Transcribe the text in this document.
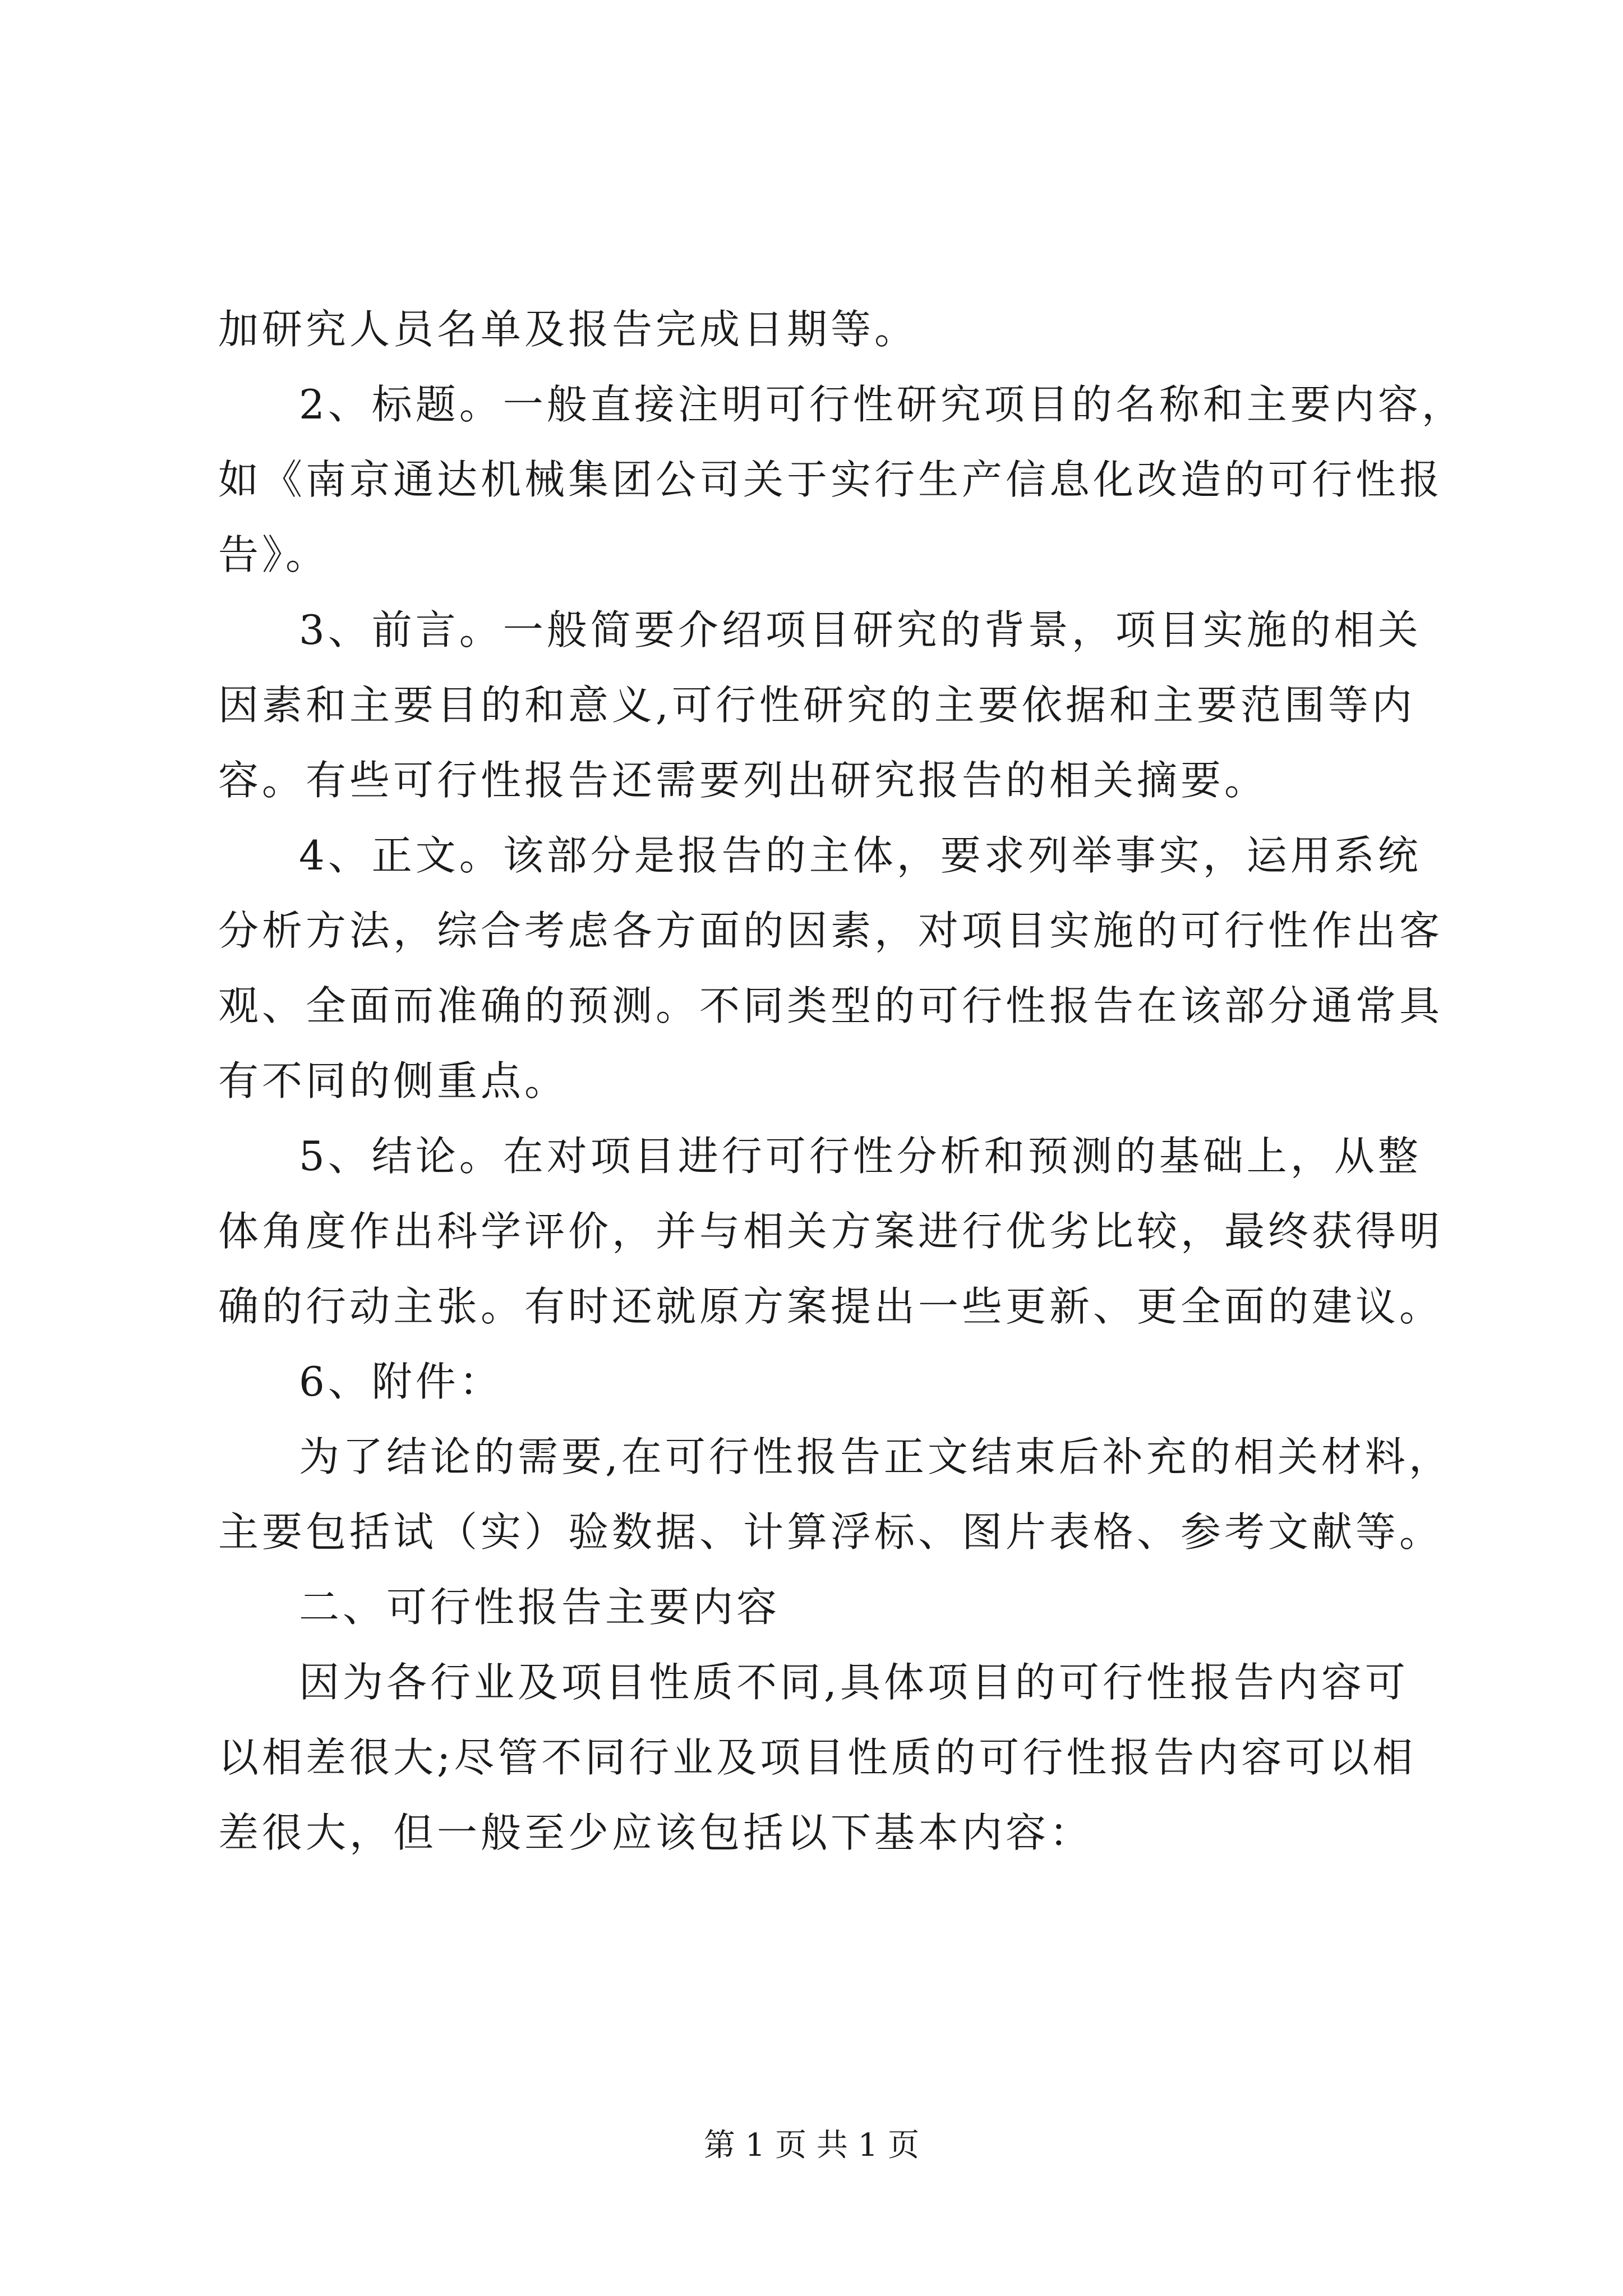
加研究人员名单及报告完成日期等。
2、标题。一般直接注明可行性研究项目的名称和主要内容，
如《南京通达机械集团公司关于实行生产信息化改造的可行性报
告》。
3、前言。一般简要介绍项目研究的背景，项目实施的相关
因素和主要目的和意义,可行性研究的主要依据和主要范围等内
容。有些可行性报告还需要列出研究报告的相关摘要。
4、正文。该部分是报告的主体，要求列举事实，运用系统
分析方法，综合考虑各方面的因素，对项目实施的可行性作出客
观、全面而准确的预测。不同类型的可行性报告在该部分通常具
有不同的侧重点。
5、结论。在对项目进行可行性分析和预测的基础上，从整
体角度作出科学评价，并与相关方案进行优劣比较，最终获得明
确的行动主张。有时还就原方案提出一些更新、更全面的建议。
6、附件：
为了结论的需要,在可行性报告正文结束后补充的相关材料，
主要包括试（实）验数据、计算浮标、图片表格、参考文献等。
二、可行性报告主要内容
因为各行业及项目性质不同,具体项目的可行性报告内容可
以相差很大;尽管不同行业及项目性质的可行性报告内容可以相
差很大，但一般至少应该包括以下基本内容：
第 1 页 共 1 页
